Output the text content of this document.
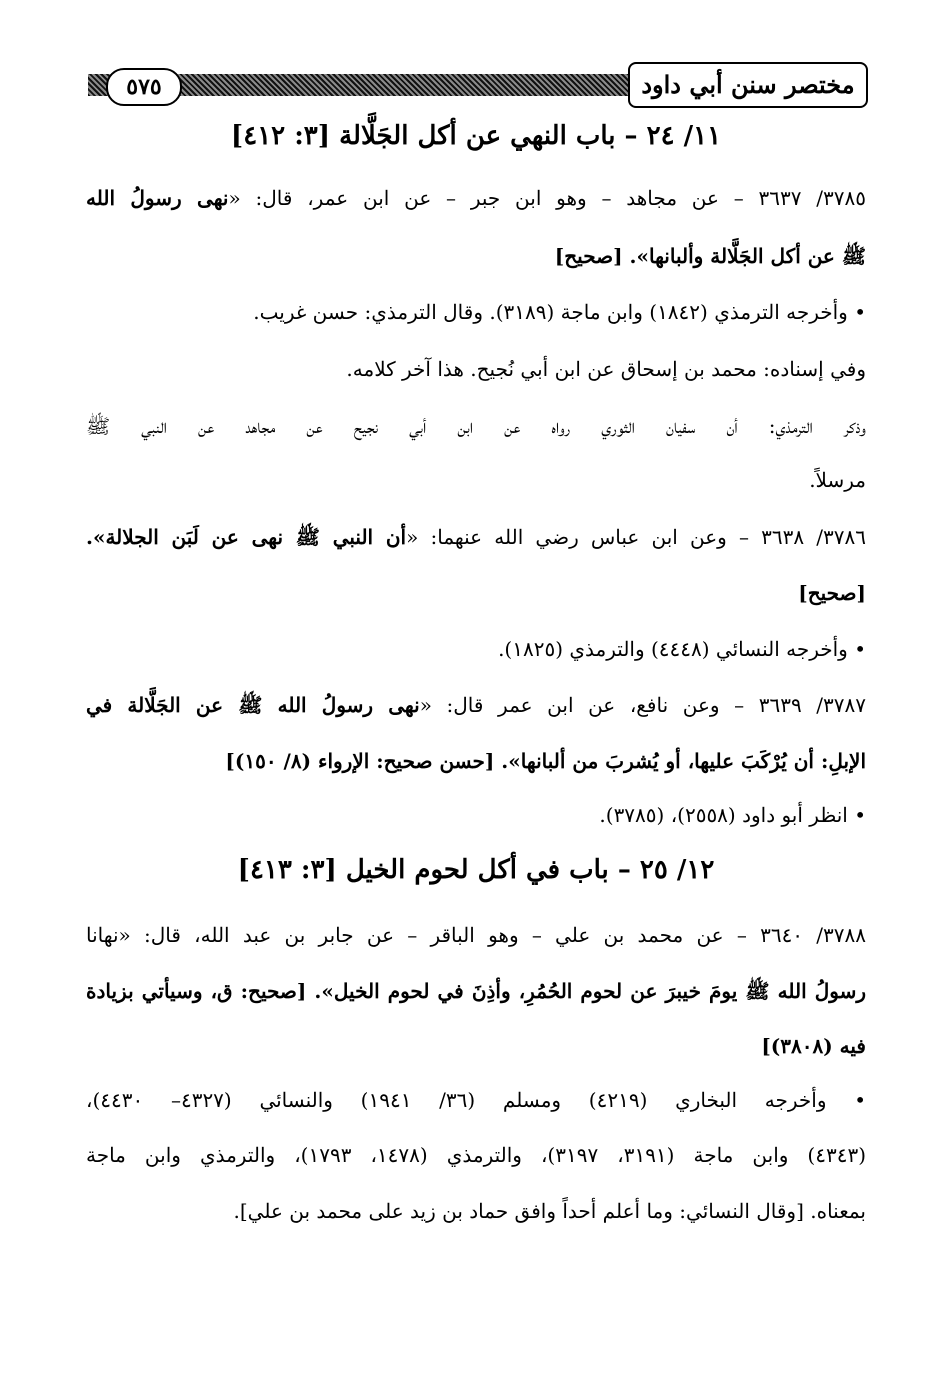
٥٧٥	مختصر سنن أبي داود
١١/ ٢٤ – باب النهي عن أكل الجَلَّالة [٣: ٤١٢]
٣٧٨٥/ ٣٦٣٧ – عن مجاهد – وهو ابن جبر – عن ابن عمر، قال: «نهى رسولُ الله
ﷺ عن أكل الجَلَّالة وألبانها». [صحيح]
• وأخرجه الترمذي (١٨٤٢) وابن ماجة (٣١٨٩). وقال الترمذي: حسن غريب.
وفي إسناده: محمد بن إسحاق عن ابن أبي نُجيح. هذا آخر كلامه.
وذكر الترمذي: أن سفيان الثوري رواه عن ابن أبي نجيح عن مجاهد عن النبي ﷺ
مرسلاً.
٣٧٨٦/ ٣٦٣٨ – وعن ابن عباس رضي الله عنهما: «أن النبي ﷺ نهى عن لَبَن الجلالة».
[صحيح]
• وأخرجه النسائي (٤٤٤٨) والترمذي (١٨٢٥).
٣٧٨٧/ ٣٦٣٩ – وعن نافع، عن ابن عمر قال: «نهى رسولُ الله ﷺ عن الجَلَّالة في
الإبلِ: أن يُرْكَبَ عليها، أو يُشربَ من ألبانها». [حسن صحيح: الإرواء (٨/ ١٥٠)]
• انظر أبو داود (٢٥٥٨)، (٣٧٨٥).
١٢/ ٢٥ – باب في أكل لحوم الخيل [٣: ٤١٣]
٣٧٨٨/ ٣٦٤٠ – عن محمد بن علي – وهو الباقر – عن جابر بن عبد الله، قال: «نهانا
رسولُ الله ﷺ يومَ خيبرَ عن لحوم الحُمُرِ، وأذِنَ في لحوم الخيل». [صحيح: ق، وسيأتي بزيادة
فيه (٣٨٠٨)]
• وأخرجه البخاري (٤٢١٩) ومسلم (٣٦/ ١٩٤١) والنسائي (٤٣٢٧– ٤٤٣٠)،
(٤٣٤٣) وابن ماجة (٣١٩١، ٣١٩٧)، والترمذي (١٤٧٨، ١٧٩٣)، والترمذي وابن ماجة
بمعناه. [وقال النسائي: وما أعلم أحداً وافق حماد بن زيد على محمد بن علي].
